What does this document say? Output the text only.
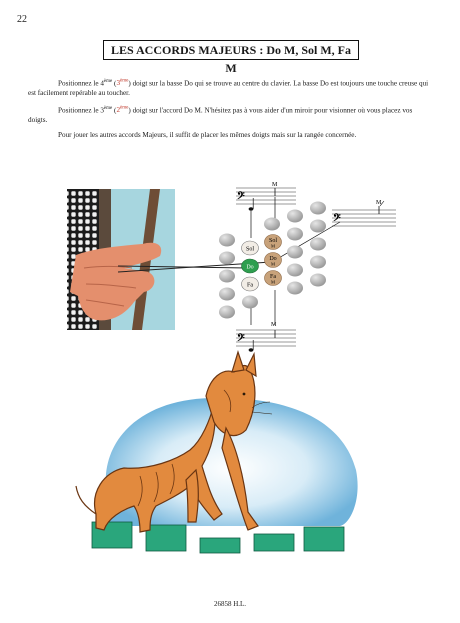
22
LES ACCORDS MAJEURS : Do M, Sol M, Fa M

Positionnez le 4ème (3ème) doigt sur la basse Do qui se trouve au centre du clavier. La basse Do est toujours une touche creuse qui est facilement repérable au toucher.

Positionnez le 3ème (2ème) doigt sur l'accord Do M. N'hésitez pas à vous aider d'un miroir pour visionner où vous placez vos doigts.

Pour jouer les autres accords Majeurs, il suffit de placer les mêmes doigts mais sur la rangée concernée.

𝄢
M
𝄢
M
𝄢
M
Sol
Do
Fa
Sol
M
Do
M
Fa
M
26858 H.L.
